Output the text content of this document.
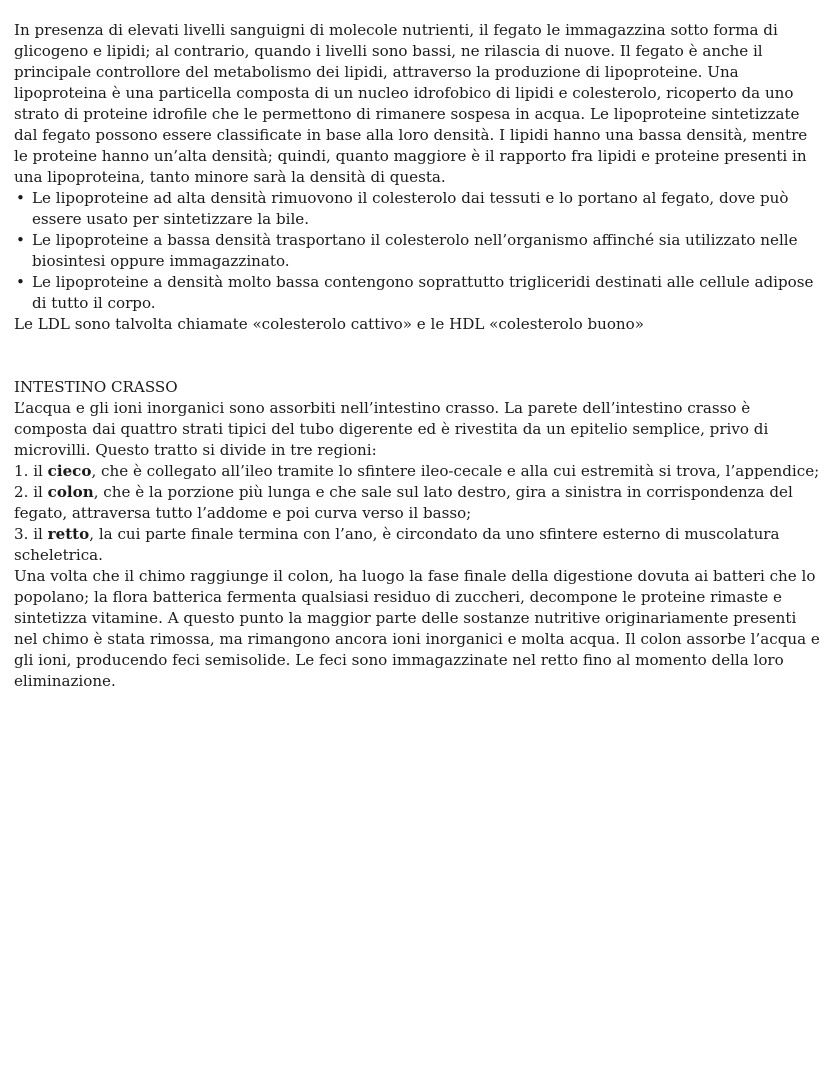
In presenza di elevati livelli sanguigni di molecole nutrienti, il fegato le immagazzina sotto forma di glicogeno e lipidi; al contrario, quando i livelli sono bassi, ne rilascia di nuove. Il fegato è anche il principale controllore del metabolismo dei lipidi, attraverso la produzione di lipoproteine. Una lipoproteina è una particella composta di un nucleo idrofobico di lipidi e colesterolo, ricoperto da uno strato di proteine idrofile che le permettono di rimanere sospesa in acqua. Le lipoproteine sintetizzate dal fegato possono essere classificate in base alla loro densità. I lipidi hanno una bassa densità, mentre le proteine hanno un’alta densità; quindi, quanto maggiore è il rapporto fra lipidi e proteine presenti in una lipoproteina, tanto minore sarà la densità di questa.

• Le lipoproteine ad alta densità rimuovono il colesterolo dai tessuti e lo portano al fegato, dove può essere usato per sintetizzare la bile.
• Le lipoproteine a bassa densità trasportano il colesterolo nell’organismo affinché sia utilizzato nelle biosintesi oppure immagazzinato.
• Le lipoproteine a densità molto bassa contengono soprattutto trigliceridi destinati alle cellule adipose di tutto il corpo.

Le LDL sono talvolta chiamate «colesterolo cattivo» e le HDL «colesterolo buono»

INTESTINO CRASSO

L’acqua e gli ioni inorganici sono assorbiti nell’intestino crasso. La parete dell’intestino crasso è composta dai quattro strati tipici del tubo digerente ed è rivestita da un epitelio semplice, privo di microvilli. Questo tratto si divide in tre regioni:

1. il cieco, che è collegato all’ileo tramite lo sfintere ileo-cecale e alla cui estremità si trova, l’appendice;
2. il colon, che è la porzione più lunga e che sale sul lato destro, gira a sinistra in corrispondenza del fegato, attraversa tutto l’addome e poi curva verso il basso;
3. il retto, la cui parte finale termina con l’ano, è circondato da uno sfintere esterno di muscolatura scheletrica.

Una volta che il chimo raggiunge il colon, ha luogo la fase finale della digestione dovuta ai batteri che lo popolano; la flora batterica fermenta qualsiasi residuo di zuccheri, decompone le proteine rimaste e sintetizza vitamine. A questo punto la maggior parte delle sostanze nutritive originariamente presenti nel chimo è stata rimossa, ma rimangono ancora ioni inorganici e molta acqua. Il colon assorbe l’acqua e gli ioni, producendo feci semisolide. Le feci sono immagazzinate nel retto fino al momento della loro eliminazione.
